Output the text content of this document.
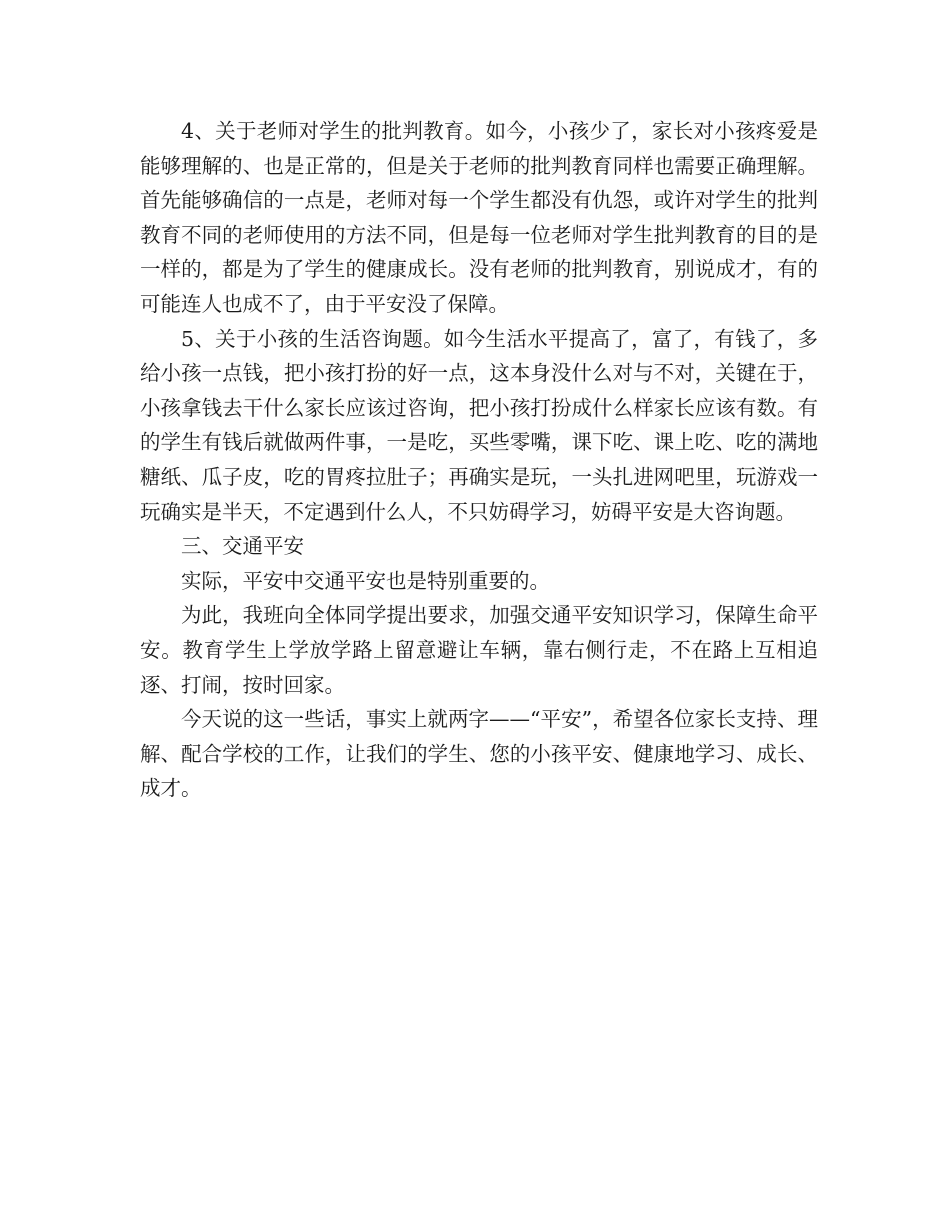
4、关于老师对学生的批判教育。如今，小孩少了，家长对小孩疼爱是能够理解的、也是正常的，但是关于老师的批判教育同样也需要正确理解。首先能够确信的一点是，老师对每一个学生都没有仇怨，或许对学生的批判教育不同的老师使用的方法不同，但是每一位老师对学生批判教育的目的是一样的，都是为了学生的健康成长。没有老师的批判教育，别说成才，有的可能连人也成不了，由于平安没了保障。

5、关于小孩的生活咨询题。如今生活水平提高了，富了，有钱了，多给小孩一点钱，把小孩打扮的好一点，这本身没什么对与不对，关键在于，小孩拿钱去干什么家长应该过咨询，把小孩打扮成什么样家长应该有数。有的学生有钱后就做两件事，一是吃，买些零嘴，课下吃、课上吃、吃的满地糖纸、瓜子皮，吃的胃疼拉肚子；再确实是玩，一头扎进网吧里，玩游戏一玩确实是半天，不定遇到什么人，不只妨碍学习，妨碍平安是大咨询题。

三、交通平安

实际，平安中交通平安也是特别重要的。

为此，我班向全体同学提出要求，加强交通平安知识学习，保障生命平安。教育学生上学放学路上留意避让车辆，靠右侧行走，不在路上互相追逐、打闹，按时回家。

今天说的这一些话，事实上就两字——“平安”，希望各位家长支持、理解、配合学校的工作，让我们的学生、您的小孩平安、健康地学习、成长、成才。
